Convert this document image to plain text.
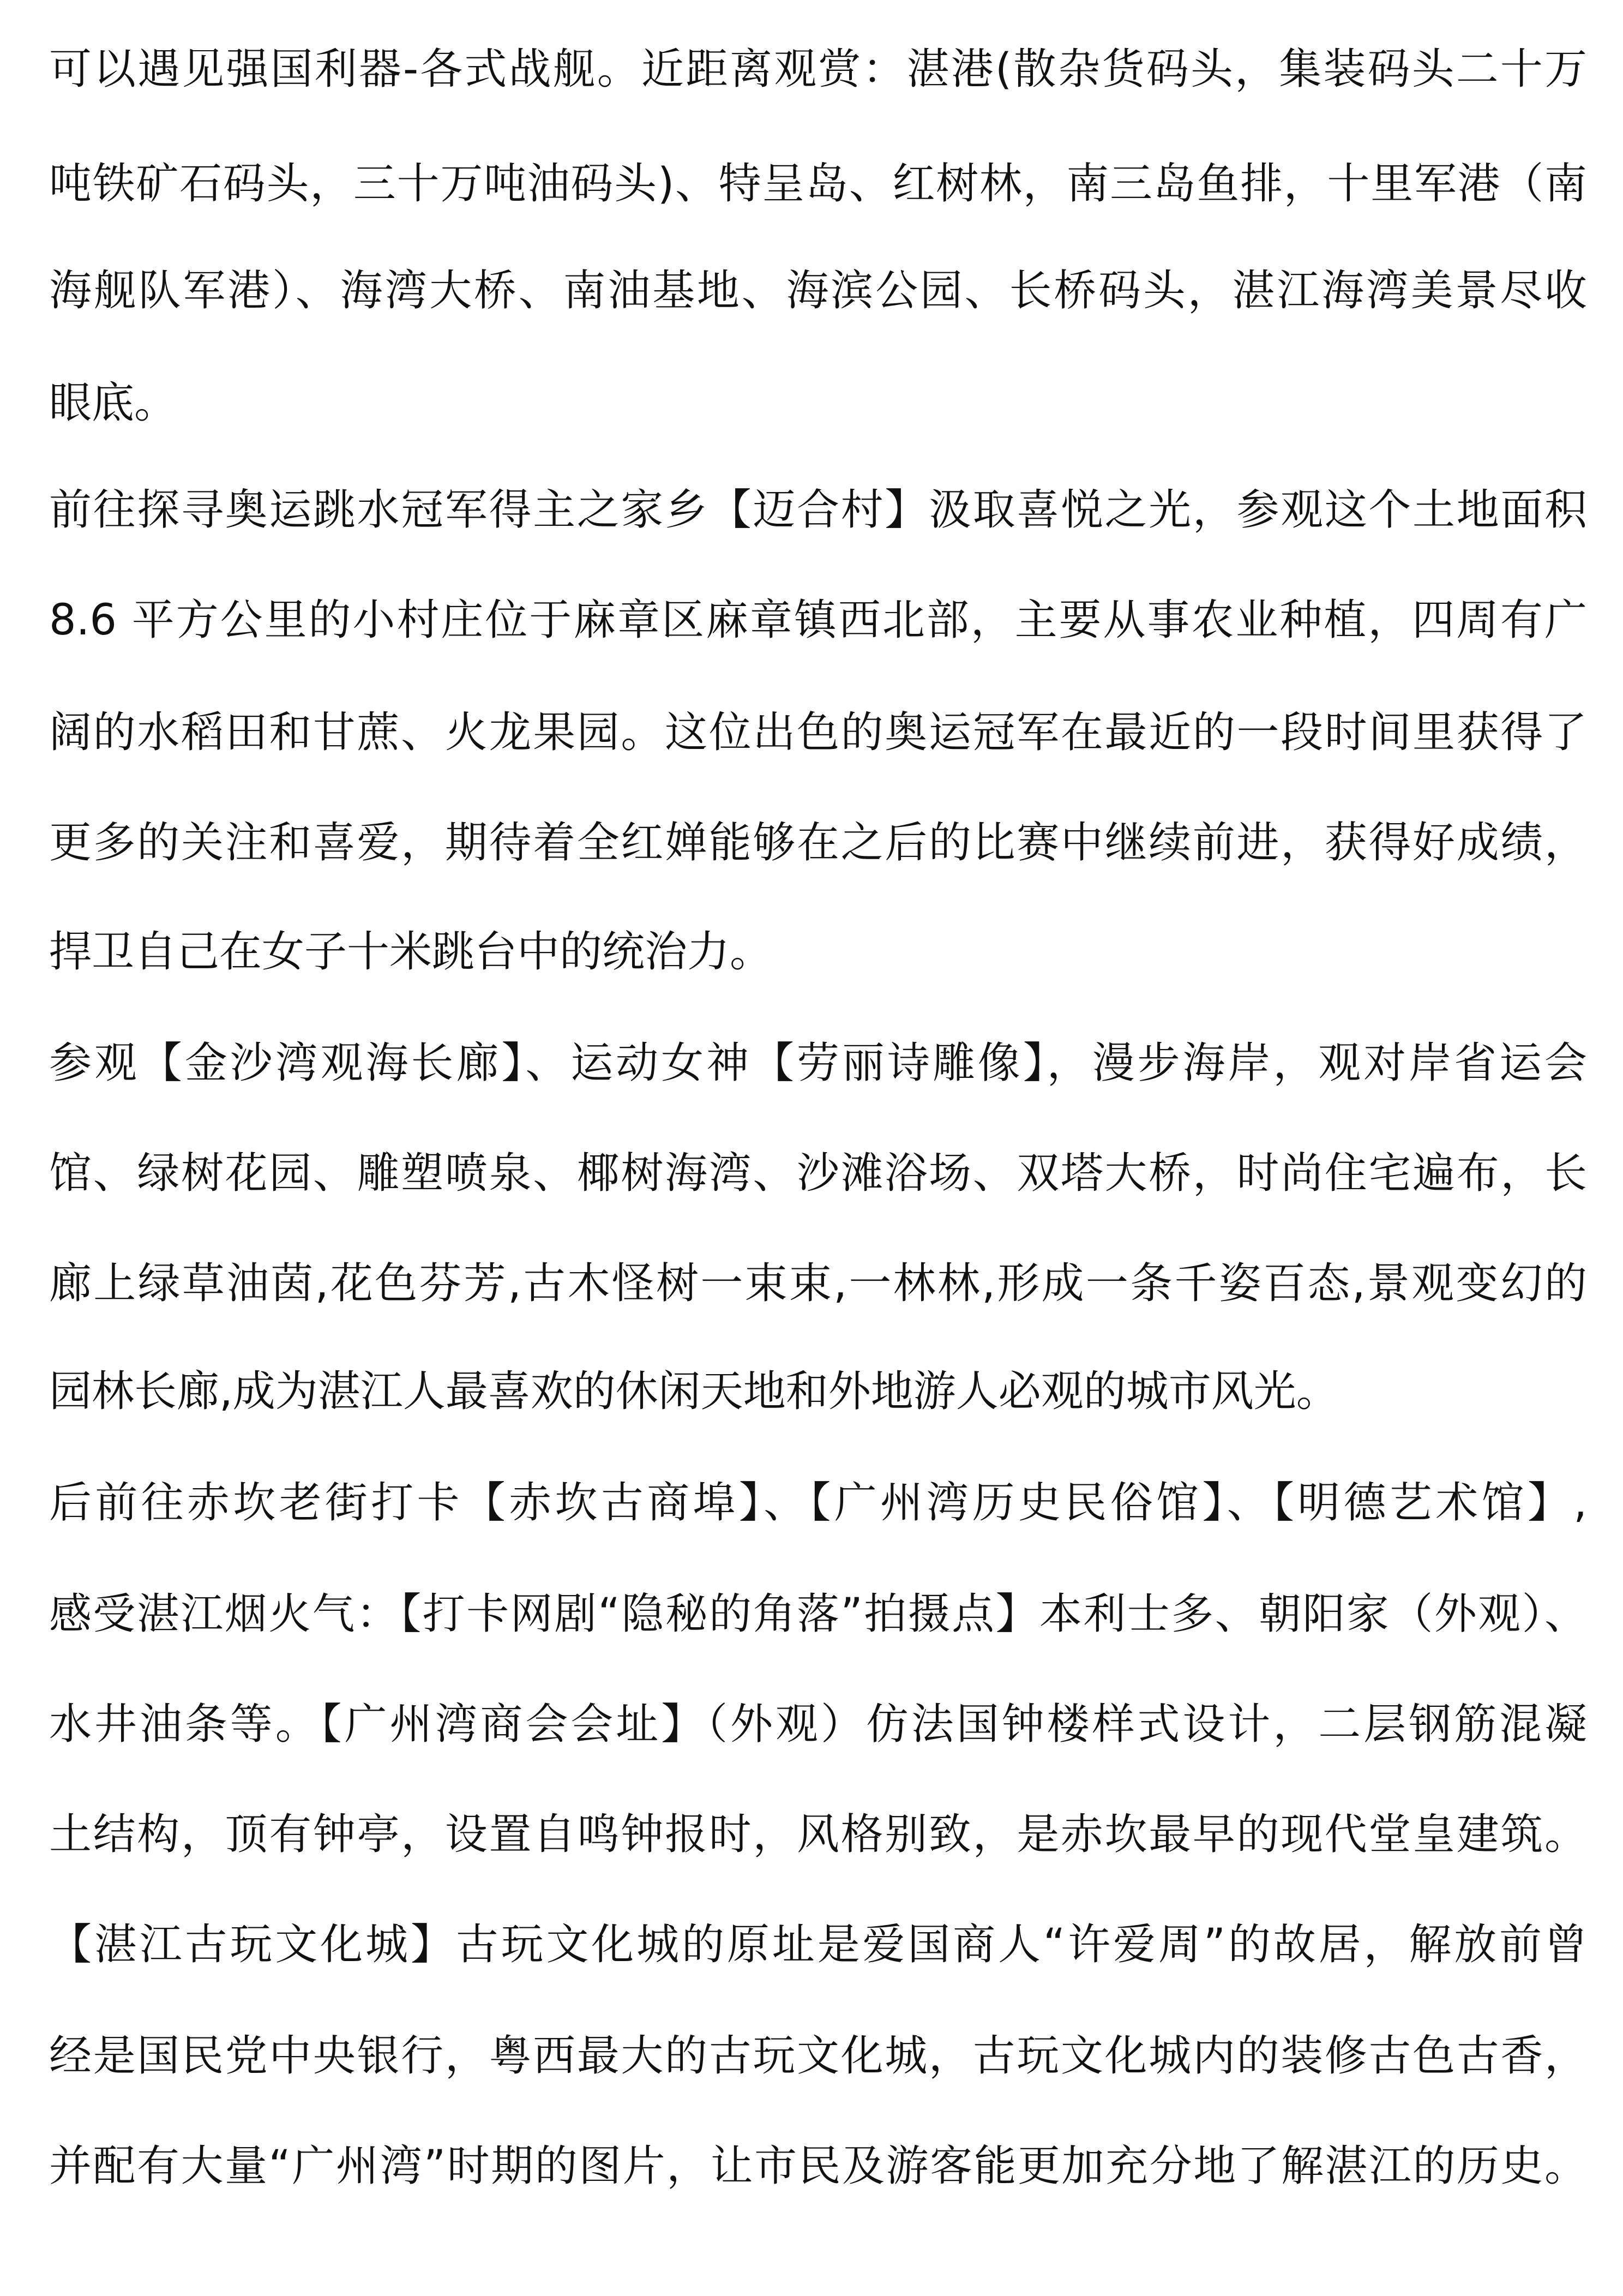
可以遇见强国利器-各式战舰。近距离观赏：湛港(散杂货码头，集装码头二十万
吨铁矿石码头，三十万吨油码头)、特呈岛、红树林，南三岛鱼排，十里军港（南
海舰队军港）、海湾大桥、南油基地、海滨公园、长桥码头，湛江海湾美景尽收
眼底。
前往探寻奥运跳水冠军得主之家乡【迈合村】汲取喜悦之光，参观这个土地面积
8.6 平方公里的小村庄位于麻章区麻章镇西北部，主要从事农业种植，四周有广
阔的水稻田和甘蔗、火龙果园。这位出色的奥运冠军在最近的一段时间里获得了
更多的关注和喜爱，期待着全红婵能够在之后的比赛中继续前进，获得好成绩，
捍卫自己在女子十米跳台中的统治力。
参观【金沙湾观海长廊】、运动女神【劳丽诗雕像】，漫步海岸，观对岸省运会
馆、绿树花园、雕塑喷泉、椰树海湾、沙滩浴场、双塔大桥，时尚住宅遍布，长
廊上绿草油茵,花色芬芳,古木怪树一束束,一林林,形成一条千姿百态,景观变幻的
园林长廊,成为湛江人最喜欢的休闲天地和外地游人必观的城市风光。
后前往赤坎老街打卡【赤坎古商埠】、【广州湾历史民俗馆】、【明德艺术馆】,
感受湛江烟火气：【打卡网剧“隐秘的角落”拍摄点】本利士多、朝阳家（外观）、
水井油条等。【广州湾商会会址】（外观）仿法国钟楼样式设计，二层钢筋混凝
土结构，顶有钟亭，设置自鸣钟报时，风格别致，是赤坎最早的现代堂皇建筑。
【湛江古玩文化城】古玩文化城的原址是爱国商人“许爱周”的故居，解放前曾
经是国民党中央银行，粤西最大的古玩文化城，古玩文化城内的装修古色古香，
并配有大量“广州湾”时期的图片，让市民及游客能更加充分地了解湛江的历史。
